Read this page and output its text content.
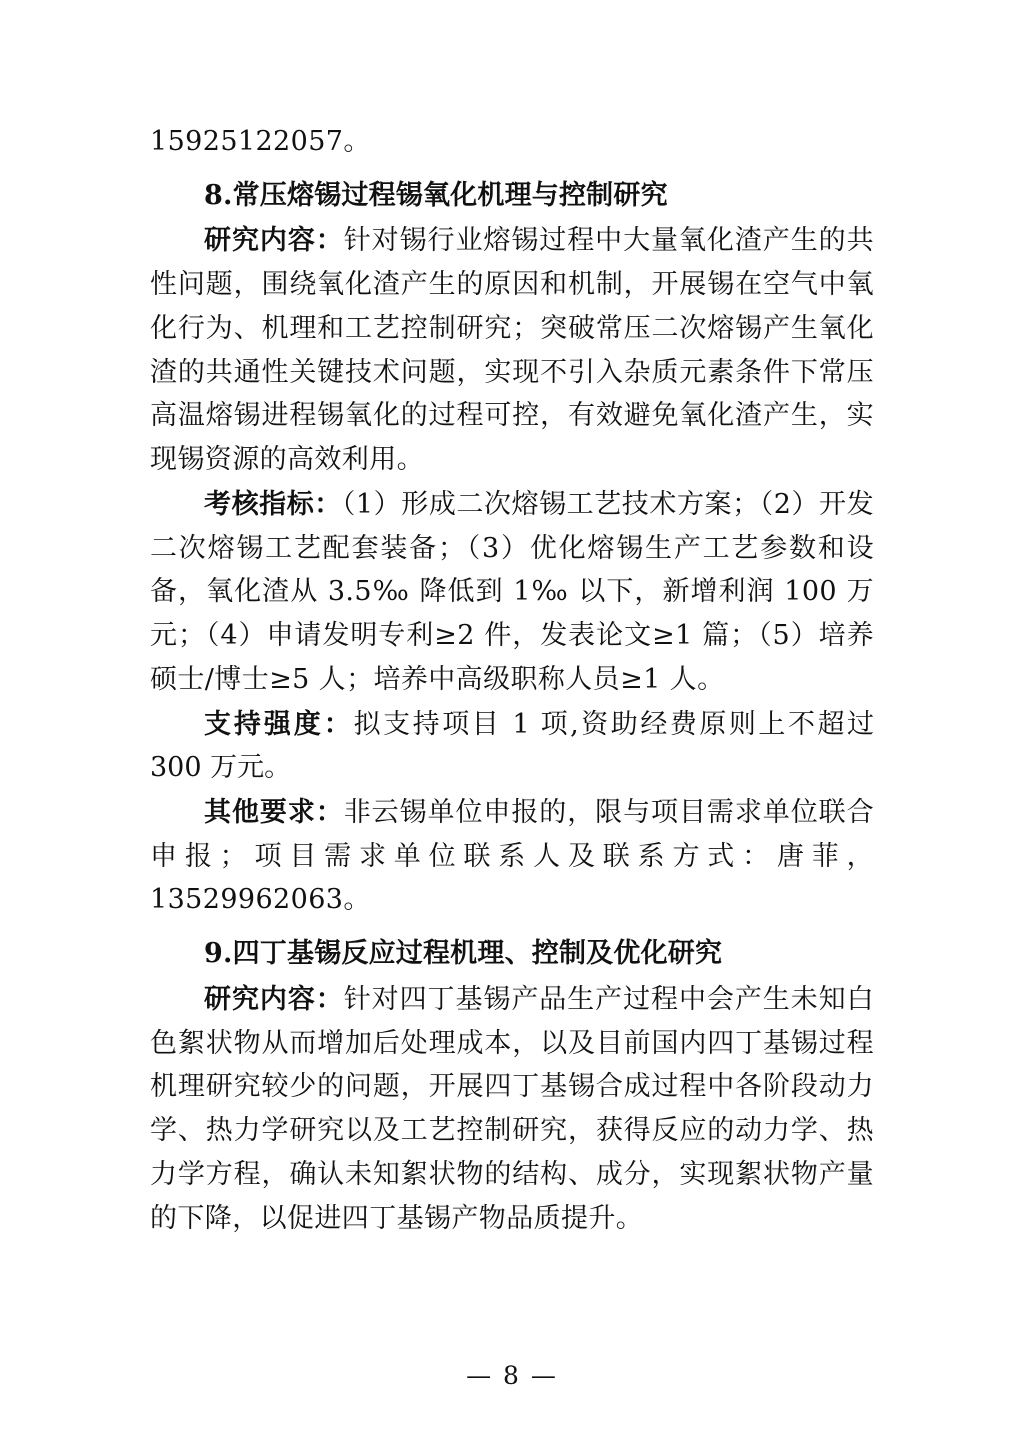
15925122057。

8.常压熔锡过程锡氧化机理与控制研究

研究内容：针对锡行业熔锡过程中大量氧化渣产生的共性问题，围绕氧化渣产生的原因和机制，开展锡在空气中氧化行为、机理和工艺控制研究；突破常压二次熔锡产生氧化渣的共通性关键技术问题，实现不引入杂质元素条件下常压高温熔锡进程锡氧化的过程可控，有效避免氧化渣产生，实现锡资源的高效利用。

考核指标：（1）形成二次熔锡工艺技术方案；（2）开发二次熔锡工艺配套装备；（3）优化熔锡生产工艺参数和设备，氧化渣从 3.5‰ 降低到 1‰ 以下，新增利润 100 万元；（4）申请发明专利≥2 件，发表论文≥1 篇；（5）培养硕士/博士≥5 人；培养中高级职称人员≥1 人。

支持强度：拟支持项目 1 项,资助经费原则上不超过 300 万元。

其他要求：非云锡单位申报的，限与项目需求单位联合申报；项目需求单位联系人及联系方式：唐菲，13529962063。

9.四丁基锡反应过程机理、控制及优化研究

研究内容：针对四丁基锡产品生产过程中会产生未知白色絮状物从而增加后处理成本，以及目前国内四丁基锡过程机理研究较少的问题，开展四丁基锡合成过程中各阶段动力学、热力学研究以及工艺控制研究，获得反应的动力学、热力学方程，确认未知絮状物的结构、成分，实现絮状物产量的下降，以促进四丁基锡产物品质提升。

— 8 —
